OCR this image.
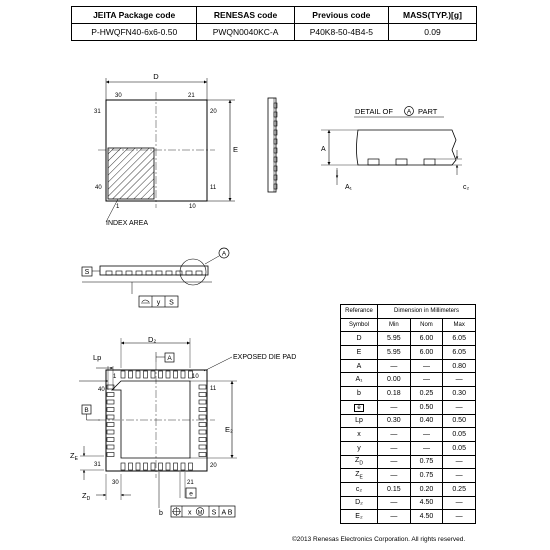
JEITA Package code	RENESAS code	Previous code	MASS(TYP.)[g]
P-HWQFN40-6x6-0.50	PWQN0040KC-A	P40K8-50-4B4-5	0.09
D
E
30	21
31	20
40	11
1	10
INDEX AREA
DETAIL OF A PART
A
A₁	c₂
S
A
y S
D₂
A
Lp	EXPOSED DIE PAD
40
1	10
11
31
30	21
20
B
E₂
$Z_E$
$Z_D$
e
b	x M S A B
Referance	Dimension in Millimeters		
Symbol	Min	Nom	Max
D	5.95	6.00	6.05
E	5.95	6.00	6.05
A	—	—	0.80
A₁	0.00	—	—
b	0.18	0.25	0.30
e	—	0.50	—
Lp	0.30	0.40	0.50
x	—	—	0.05
y	—	—	0.05
$Z_D$	—	0.75	—
$Z_E$	—	0.75	—
c₂	0.15	0.20	0.25
D₂	—	4.50	—
E₂	—	4.50	—
©2013 Renesas Electronics Corporation. All rights reserved.
